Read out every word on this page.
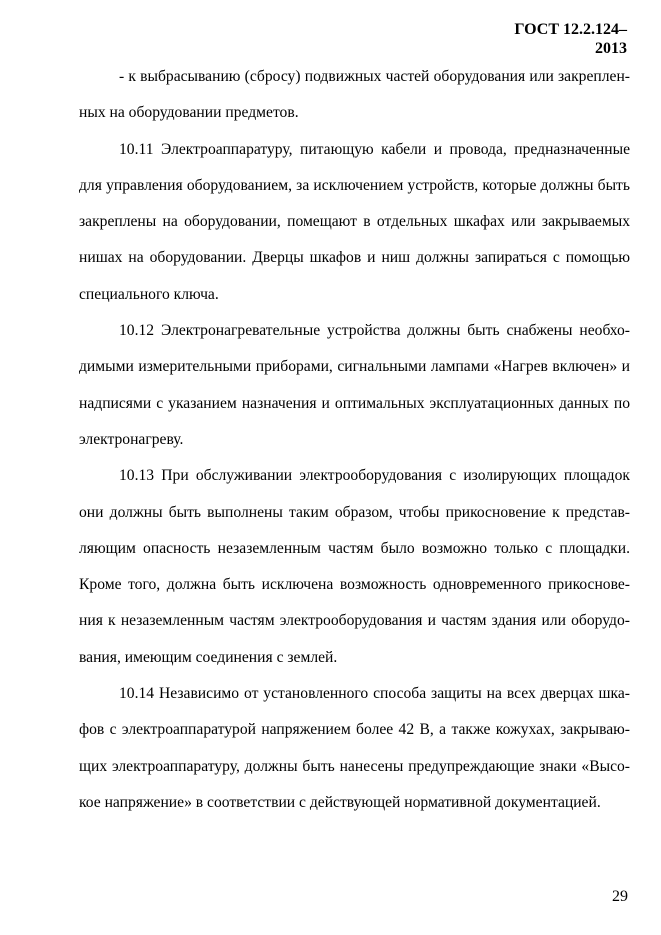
ГОСТ 12.2.124–
2013
- к выбрасыванию (сбросу) подвижных частей оборудования или закреплен-
ных на оборудовании предметов.
10.11 Электроаппаратуру, питающую кабели и провода, предназначенные
для управления оборудованием, за исключением устройств, которые должны быть
закреплены на оборудовании, помещают в отдельных шкафах или закрываемых
нишах на оборудовании. Дверцы шкафов и ниш должны запираться с помощью
специального ключа.
10.12 Электронагревательные устройства должны быть снабжены необхо-
димыми измерительными приборами, сигнальными лампами «Нагрев включен» и
надписями с указанием назначения и оптимальных эксплуатационных данных по
электронагреву.
10.13 При обслуживании электрооборудования с изолирующих площадок
они должны быть выполнены таким образом, чтобы прикосновение к представ-
ляющим опасность незаземленным частям было возможно только с площадки.
Кроме того, должна быть исключена возможность одновременного прикоснове-
ния к незаземленным частям электрооборудования и частям здания или оборудо-
вания, имеющим соединения с землей.
10.14 Независимо от установленного способа защиты на всех дверцах шка-
фов с электроаппаратурой напряжением более 42 В, а также кожухах, закрываю-
щих электроаппаратуру, должны быть нанесены предупреждающие знаки «Высо-
кое напряжение» в соответствии с действующей нормативной документацией.
29
